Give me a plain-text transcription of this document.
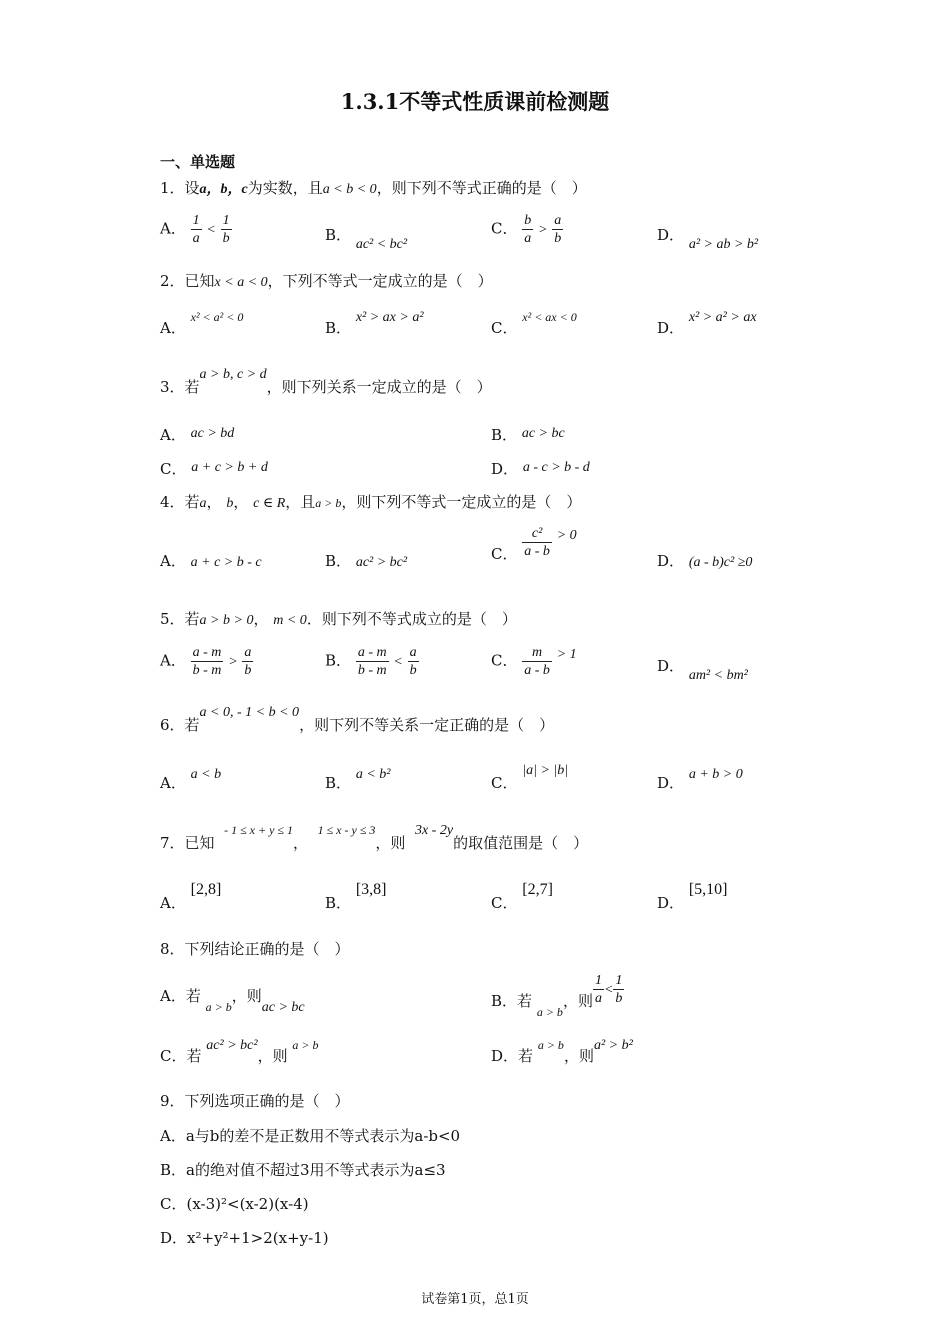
1.3.1不等式性质课前检测题
一、单选题
1．设a，b，c为实数，且a < b < 0，则下列不等式正确的是（　）
A． $\frac{1}{a} < \frac{1}{b}$	B． ac² < bc²
C． $\frac{b}{a} > \frac{a}{b}$	D． a² > ab > b²
2．已知x < a < 0，下列不等式一定成立的是（　）
A． x² < a² < 0
B． x² > ax > a²
C． x² < ax < 0
D． x² > a² > ax
3．若a > b, c > d，则下列关系一定成立的是（　）
A． ac > bd	B． ac > bc
C． a + c > b + d	D． a - c > b - d
4．若a， b， c ∈ R，且a > b，则下列不等式一定成立的是（　）
A． a + c > b - c	B． ac² > bc²	C． $\frac{\text{c²}}{a - b} > 0$
D． (a - b)c² ≥0
5．若a > b > 0， m < 0．则下列不等式成立的是（　）
A． $\frac{a - m}{b - m} > \frac{a}{b}$	B． $\frac{a - m}{b - m} < \frac{a}{b}$	C． $\frac{m}{a - b} > 1$
D． am² < bm²
6．若a < 0, - 1 < b < 0，则下列不等关系一定正确的是（　）
A． a < b	B． a < b²	C． |a| > |b|
D． a + b > 0
7．已知  - 1 ≤ x + y ≤ 1，  1 ≤ x - y ≤ 3，则  3x - 2y的取值范围是（　）
A． [2,8]
B． [3,8]
C． [2,7]
D． [5,10]
8．下列结论正确的是（　）
A．若 $_{a > b}$，则ac > bc	B．若 $_{a > b}$，则 $\frac{1}{a} < \frac{1}{b}$
C．若 ac² > bc²，则 a > b
D．若 a > b，则a² > b²
9．下列选项正确的是（　）
A．a与b的差不是正数用不等式表示为a-b<0
B．a的绝对值不超过3用不等式表示为a≤3
C．(x-3)²<(x-2)(x-4)
D．x²+y²+1>2(x+y-1)
试卷第1页，总1页
